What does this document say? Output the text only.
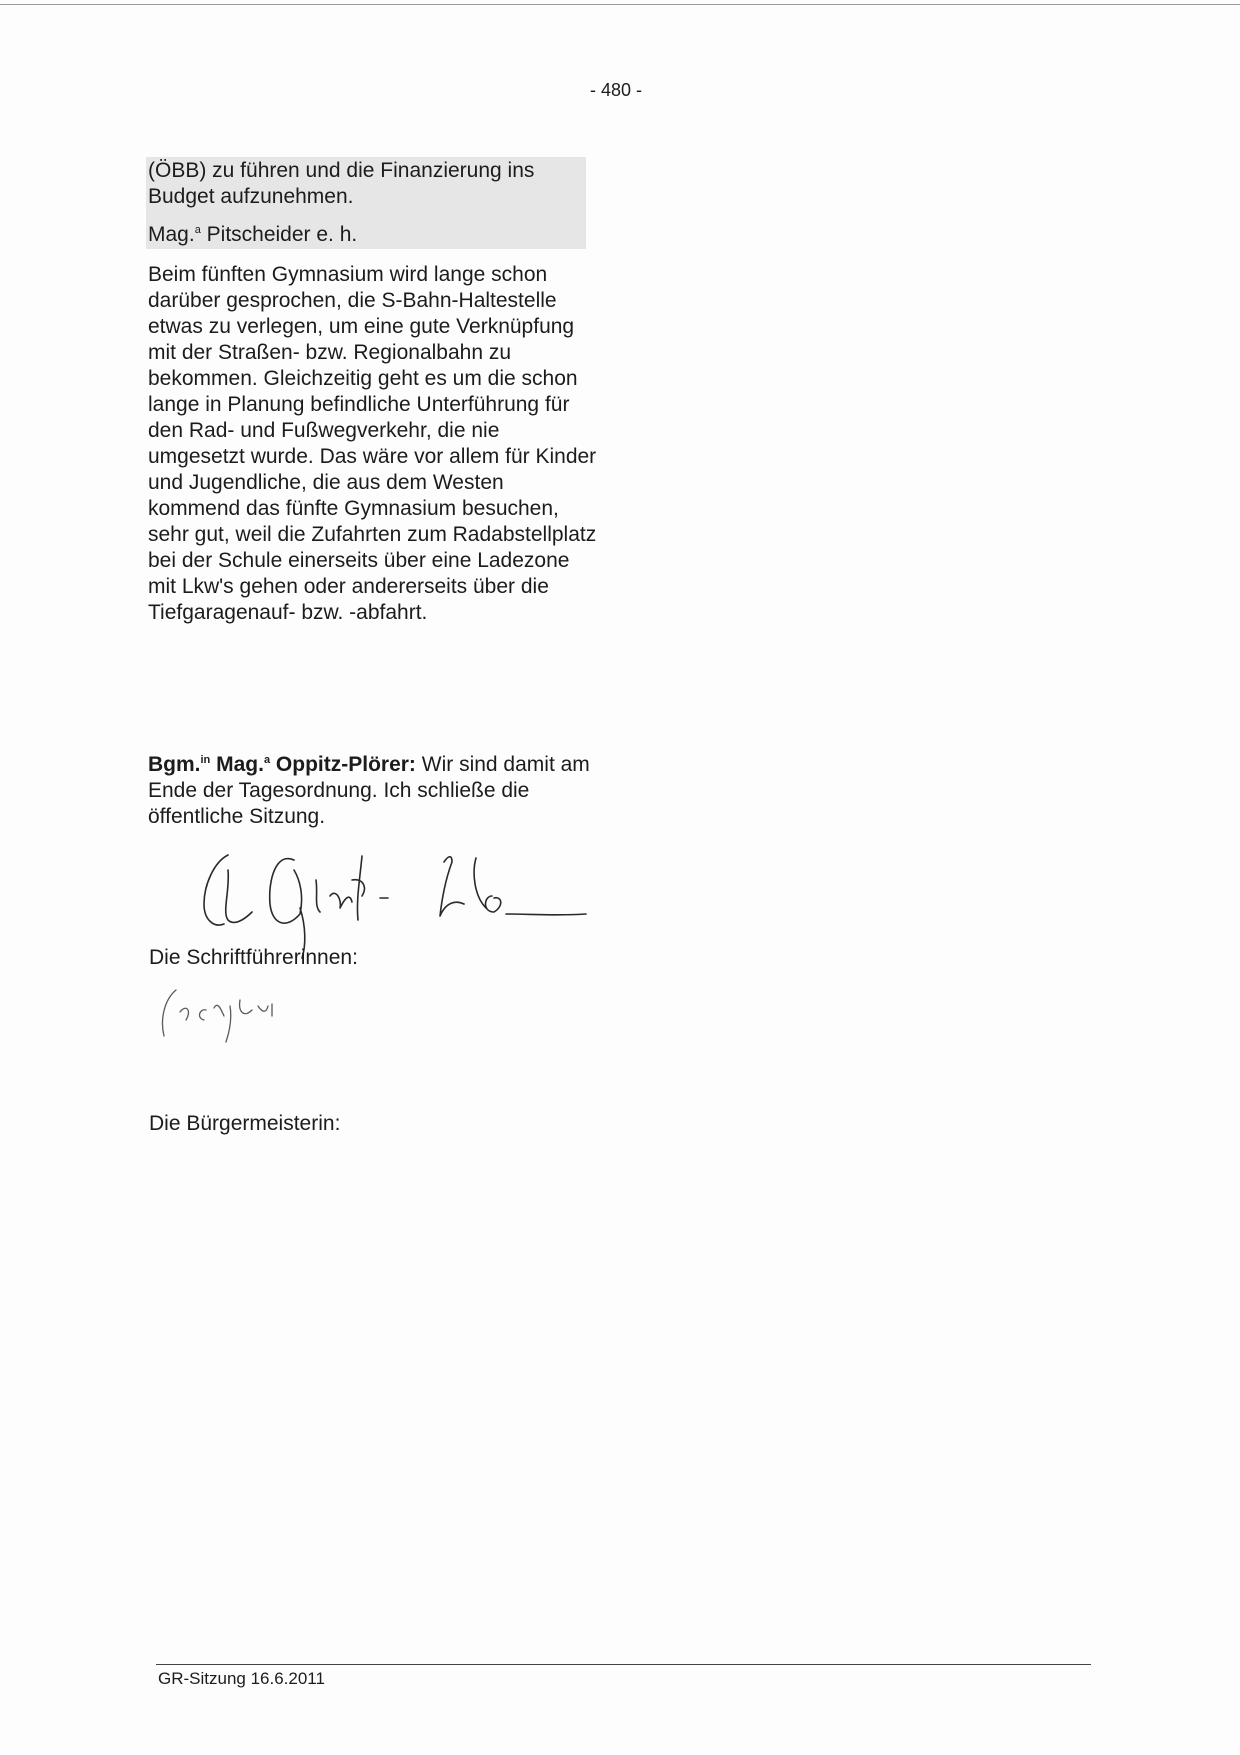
- 480 -

(ÖBB) zu führen und die Finanzierung ins Budget aufzunehmen.

Mag.$^a$ Pitscheider e. h.

Beim fünften Gymnasium wird lange schon darüber gesprochen, die S-Bahn-Haltestelle etwas zu verlegen, um eine gute Verknüpfung mit der Straßen- bzw. Regionalbahn zu bekommen. Gleichzeitig geht es um die schon lange in Planung befindliche Unterführung für den Rad- und Fußwegverkehr, die nie umgesetzt wurde. Das wäre vor allem für Kinder und Jugendliche, die aus dem Westen kommend das fünfte Gymnasium besuchen, sehr gut, weil die Zufahrten zum Radabstellplatz bei der Schule einerseits über eine Ladezone mit Lkw's gehen oder andererseits über die Tiefgaragenauf- bzw. -abfahrt.

Bgm.$^{in}$ Mag.$^a$ Oppitz-Plörer: Wir sind damit am Ende der Tagesordnung. Ich schließe die öffentliche Sitzung.

Die Schriftführerinnen:
Die Bürgermeisterin:
GR-Sitzung 16.6.2011
